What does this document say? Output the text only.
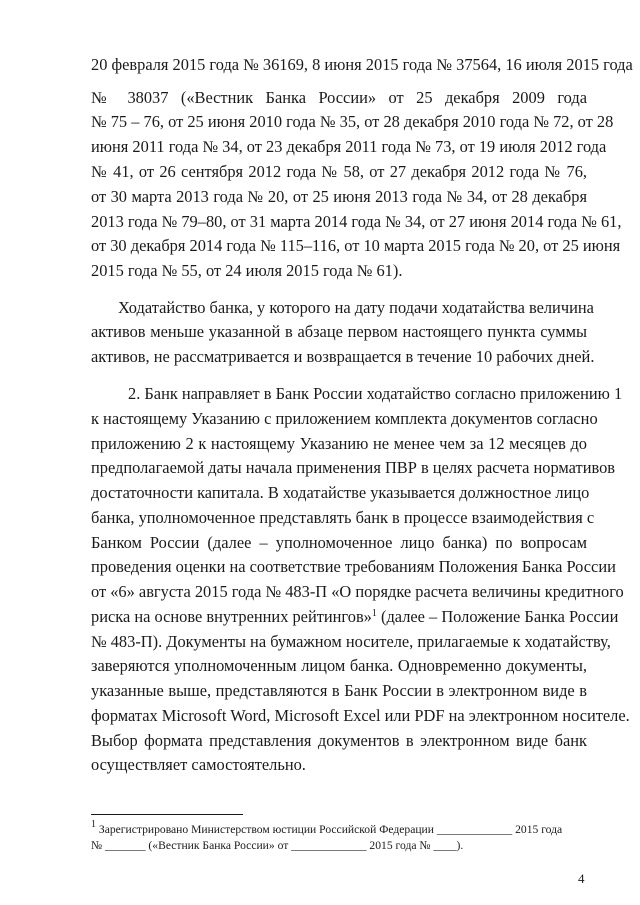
20 февраля 2015 года № 36169, 8 июня 2015 года № 37564, 16 июля 2015 года
№ 38037 («Вестник Банка России» от 25 декабря 2009 года
№ 75 – 76, от 25 июня 2010 года № 35, от 28 декабря 2010 года № 72, от 28
июня 2011 года № 34, от 23 декабря 2011 года № 73, от 19 июля 2012 года
№ 41, от 26 сентября 2012 года № 58, от 27 декабря 2012 года № 76,
от 30 марта 2013 года № 20, от 25 июня 2013 года № 34, от 28 декабря
2013 года № 79–80, от 31 марта 2014 года № 34, от 27 июня 2014 года № 61,
от 30 декабря 2014 года № 115–116, от 10 марта 2015 года № 20, от 25 июня
2015 года № 55, от 24 июля 2015 года № 61).
Ходатайство банка, у которого на дату подачи ходатайства величина
активов меньше указанной в абзаце первом настоящего пункта суммы
активов, не рассматривается и возвращается в течение 10 рабочих дней.
2. Банк направляет в Банк России ходатайство согласно приложению 1
к настоящему Указанию с приложением комплекта документов согласно
приложению 2 к настоящему Указанию не менее чем за 12 месяцев до
предполагаемой даты начала применения ПВР в целях расчета нормативов
достаточности капитала. В ходатайстве указывается должностное лицо
банка, уполномоченное представлять банк в процессе взаимодействия с
Банком России (далее – уполномоченное лицо банка) по вопросам
проведения оценки на соответствие требованиям Положения Банка России
от «6» августа 2015 года № 483-П «О порядке расчета величины кредитного
риска на основе внутренних рейтингов»$^1$ (далее – Положение Банка России
№ 483-П). Документы на бумажном носителе, прилагаемые к ходатайству,
заверяются уполномоченным лицом банка. Одновременно документы,
указанные выше, представляются в Банк России в электронном виде в
форматах Microsoft Word, Microsoft Excel или PDF на электронном носителе.
Выбор формата представления документов в электронном виде банк
осуществляет самостоятельно.
$^1$ Зарегистрировано Министерством юстиции Российской Федерации _____________ 2015 года
№ _______ («Вестник Банка России» от _____________ 2015 года № ____).
4
